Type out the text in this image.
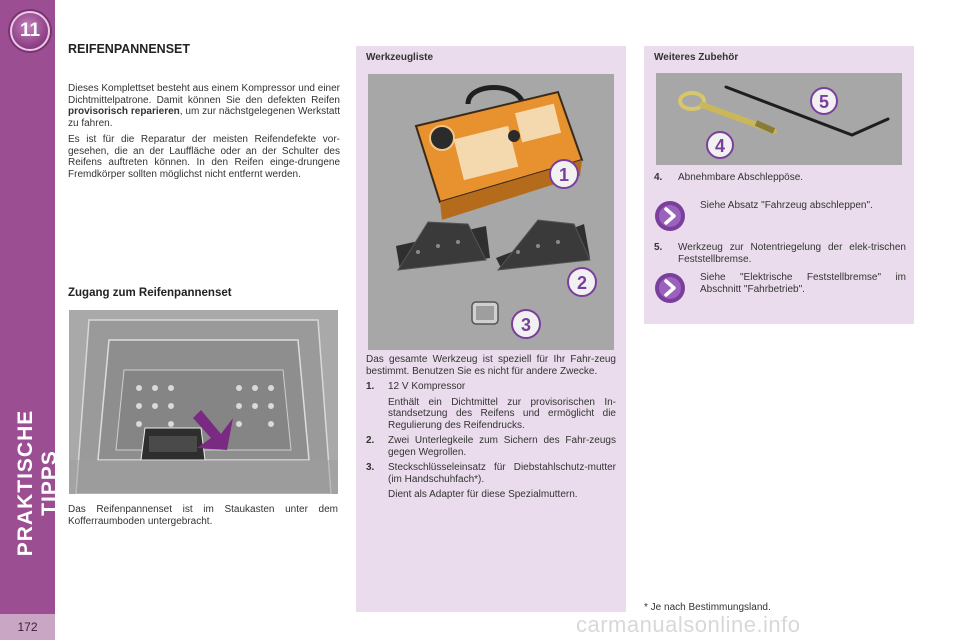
11
PRAKTISCHE TIPPS
172
REIFENPANNENSET

Dieses Komplettset besteht aus einem Kompressor und einer Dichtmittelpatrone. Damit können Sie den defekten Reifen provisorisch reparieren, um zur nächstgelegenen Werkstatt zu fahren.

Es ist für die Reparatur der meisten Reifendefekte vor-gesehen, die an der Lauffläche oder an der Schulter des Reifens auftreten können. In den Reifen einge-drungene Fremdkörper sollten möglichst nicht entfernt werden.

Zugang zum Reifenpannenset
Das Reifenpannenset ist im Staukasten unter dem Kofferraumboden untergebracht.
Werkzeugliste
1
2
3

Das gesamte Werkzeug ist speziell für Ihr Fahr-zeug bestimmt. Benutzen Sie es nicht für andere Zwecke.

1. 12 V Kompressor
Enthält ein Dichtmittel zur provisorischen In-standsetzung des Reifens und ermöglicht die Regulierung des Reifendrucks.
2. Zwei Unterlegkeile zum Sichern des Fahr-zeugs gegen Wegrollen.
3. Steckschlüsseleinsatz für Diebstahlschutz-mutter (im Handschuhfach*).
Dient als Adapter für diese Spezialmuttern.
Weiteres Zubehör
5
4
4.	Abnehmbare Abschleppöse.
Siehe Absatz "Fahrzeug abschleppen".
5.	Werkzeug zur Notentriegelung der elek-trischen Feststellbremse.
Siehe "Elektrische Feststellbremse" im Abschnitt "Fahrbetrieb".
* Je nach Bestimmungsland.
carmanualsonline.info
